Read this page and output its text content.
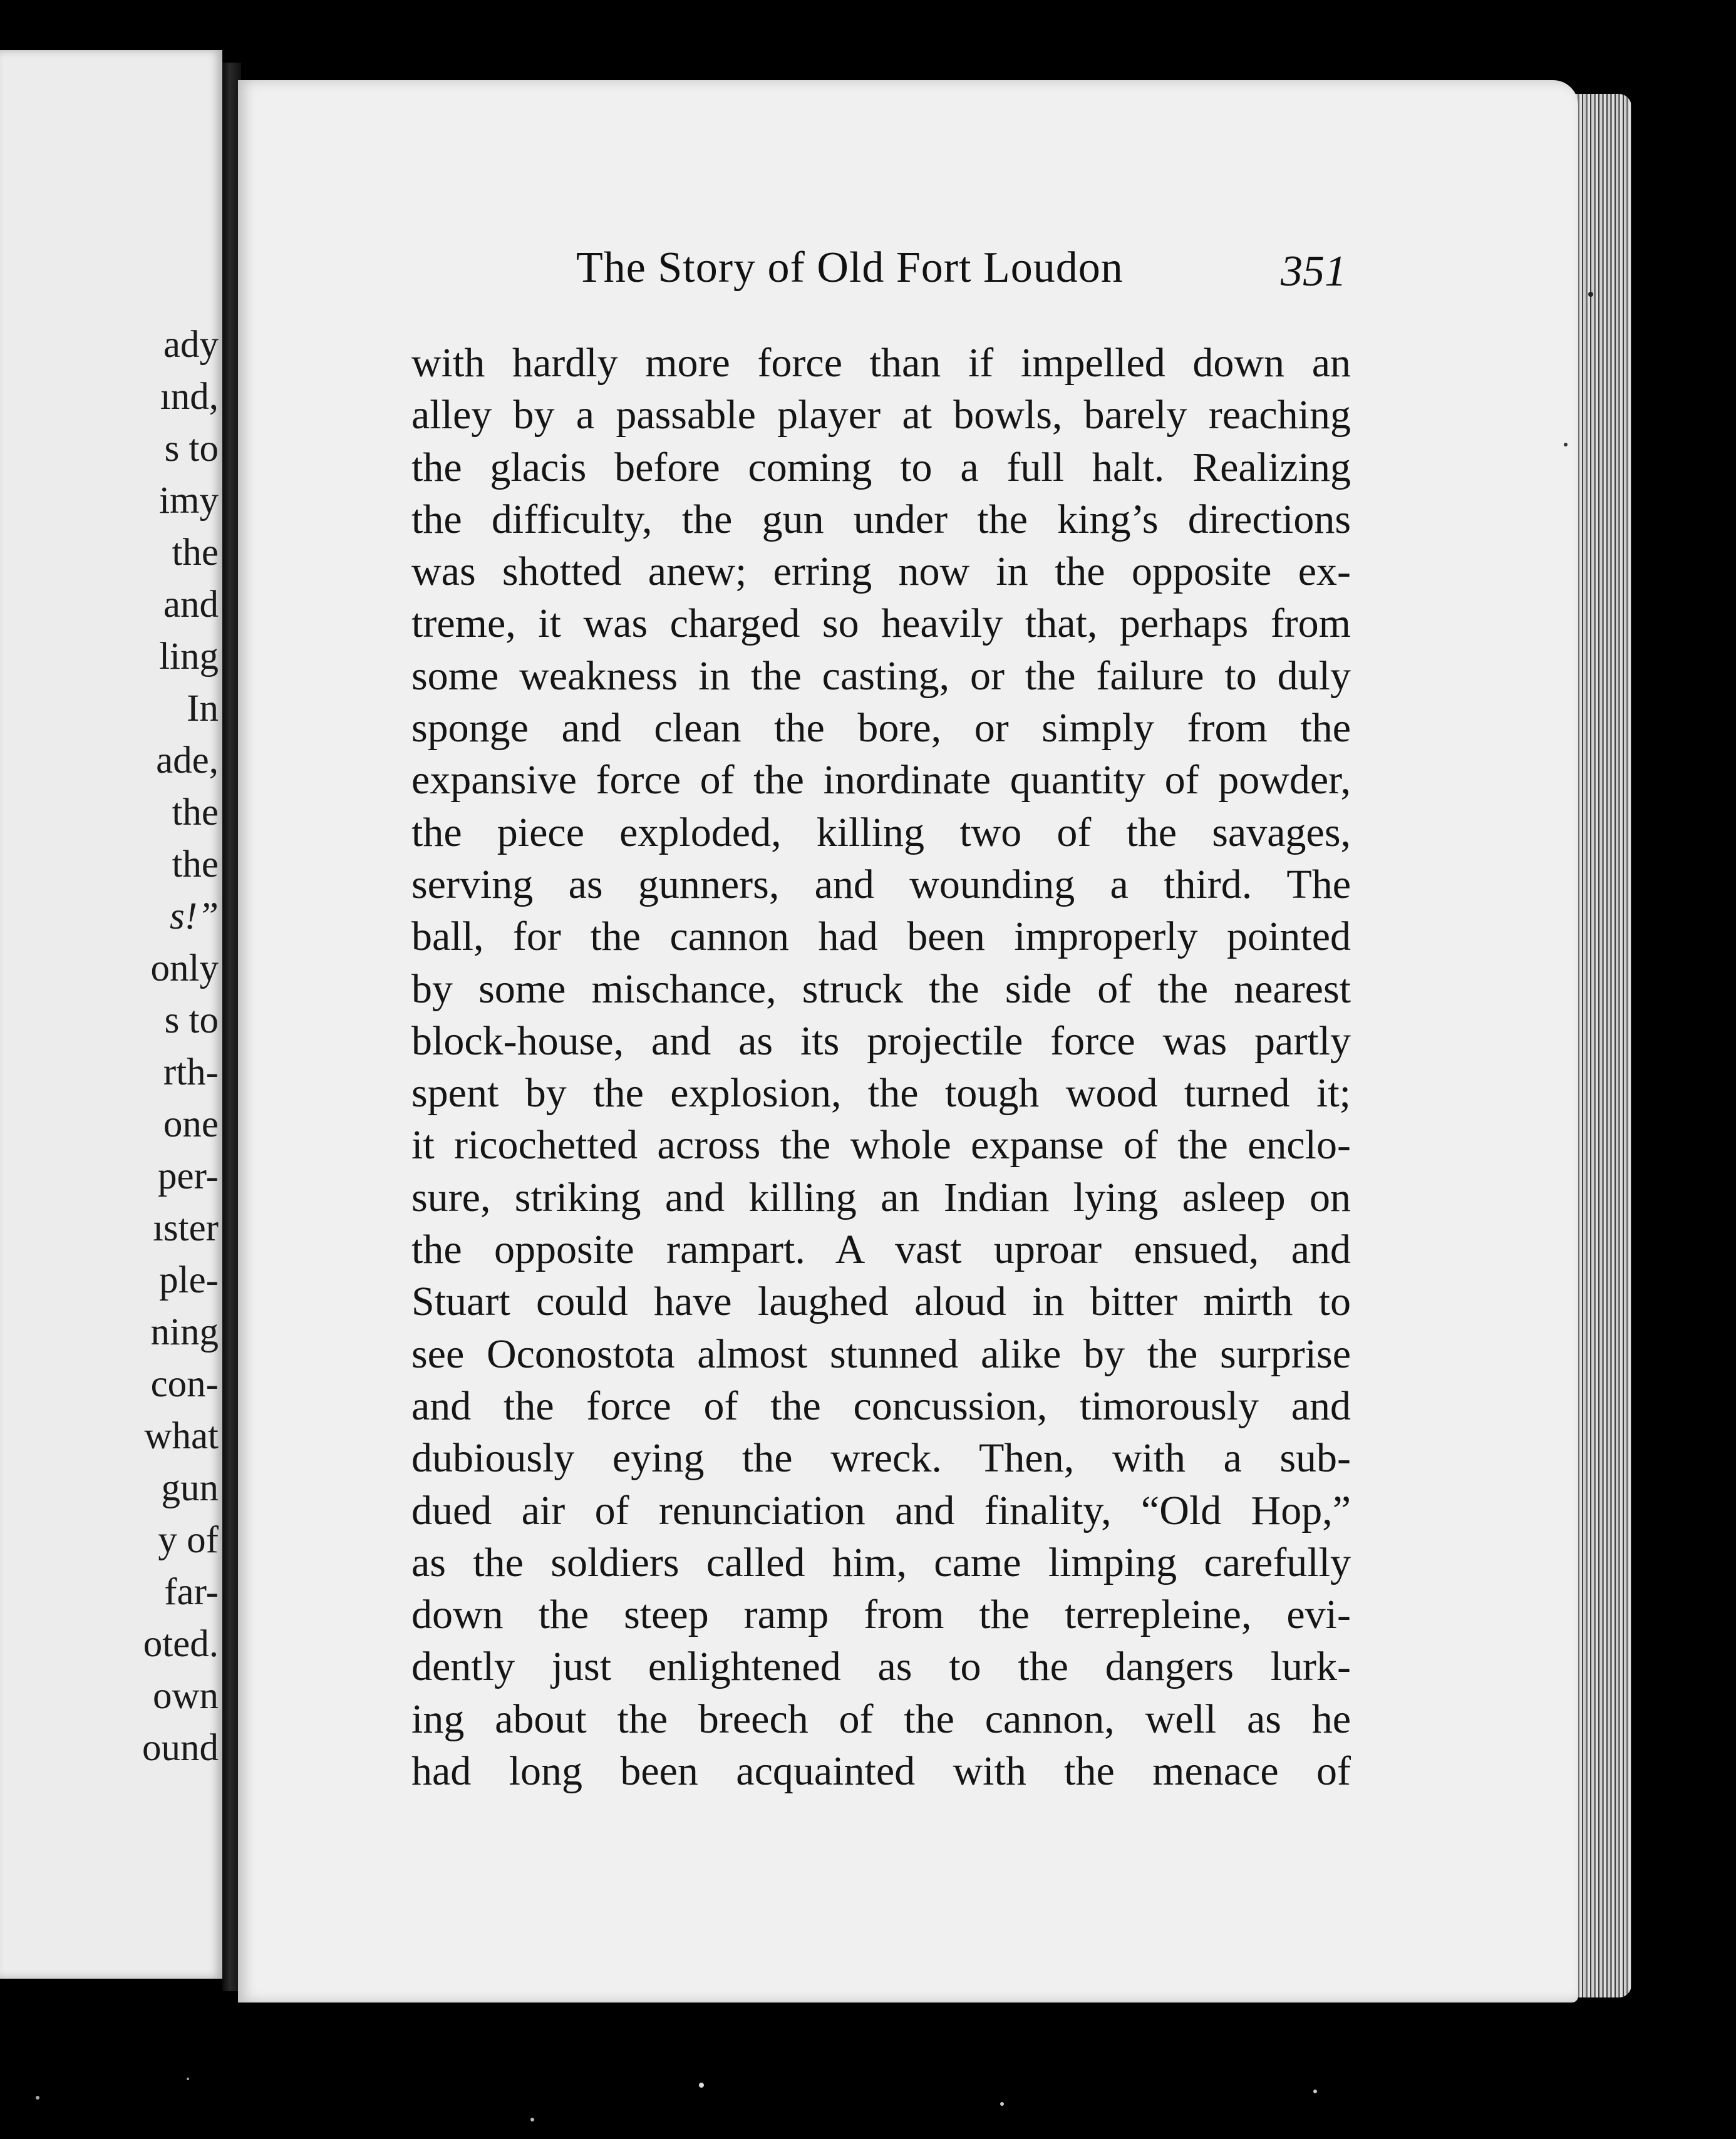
ady
ınd,
s to
imy
the
and
ling
In
ade,
the
the
s!”
only
s to
rth-
one
per-
ıster
ple-
ning
con-
what
gun
y of
far-
oted.
own
ound
The Story of Old Fort Loudon	351
with hardly more force than if impelled down an
alley by a passable player at bowls, barely reaching
the glacis before coming to a full halt. Realizing
the difficulty, the gun under the king’s directions
was shotted anew; erring now in the opposite ex-
treme, it was charged so heavily that, perhaps from
some weakness in the casting, or the failure to duly
sponge and clean the bore, or simply from the
expansive force of the inordinate quantity of powder,
the piece exploded, killing two of the savages,
serving as gunners, and wounding a third. The
ball, for the cannon had been improperly pointed
by some mischance, struck the side of the nearest
block-house, and as its projectile force was partly
spent by the explosion, the tough wood turned it;
it ricochetted across the whole expanse of the enclo-
sure, striking and killing an Indian lying asleep on
the opposite rampart. A vast uproar ensued, and
Stuart could have laughed aloud in bitter mirth to
see Oconostota almost stunned alike by the surprise
and the force of the concussion, timorously and
dubiously eying the wreck. Then, with a sub-
dued air of renunciation and finality, “Old Hop,”
as the soldiers called him, came limping carefully
down the steep ramp from the terrepleine, evi-
dently just enlightened as to the dangers lurk-
ing about the breech of the cannon, well as he
had long been acquainted with the menace of
